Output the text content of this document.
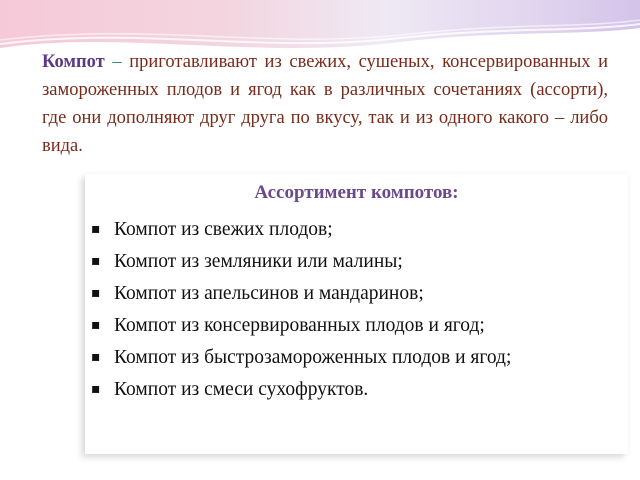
Компот – приготавливают из свежих, сушеных, консервированных и замороженных плодов и ягод как в различных сочетаниях (ассорти), где они дополняют друг друга по вкусу, так и из одного какого – либо вида.

Ассортимент компотов:
▪ Компот из свежих плодов;
▪ Компот из земляники или малины;
▪ Компот из апельсинов и мандаринов;
▪ Компот из консервированных плодов и ягод;
▪ Компот из быстрозамороженных плодов и ягод;
▪ Компот из смеси сухофруктов.
